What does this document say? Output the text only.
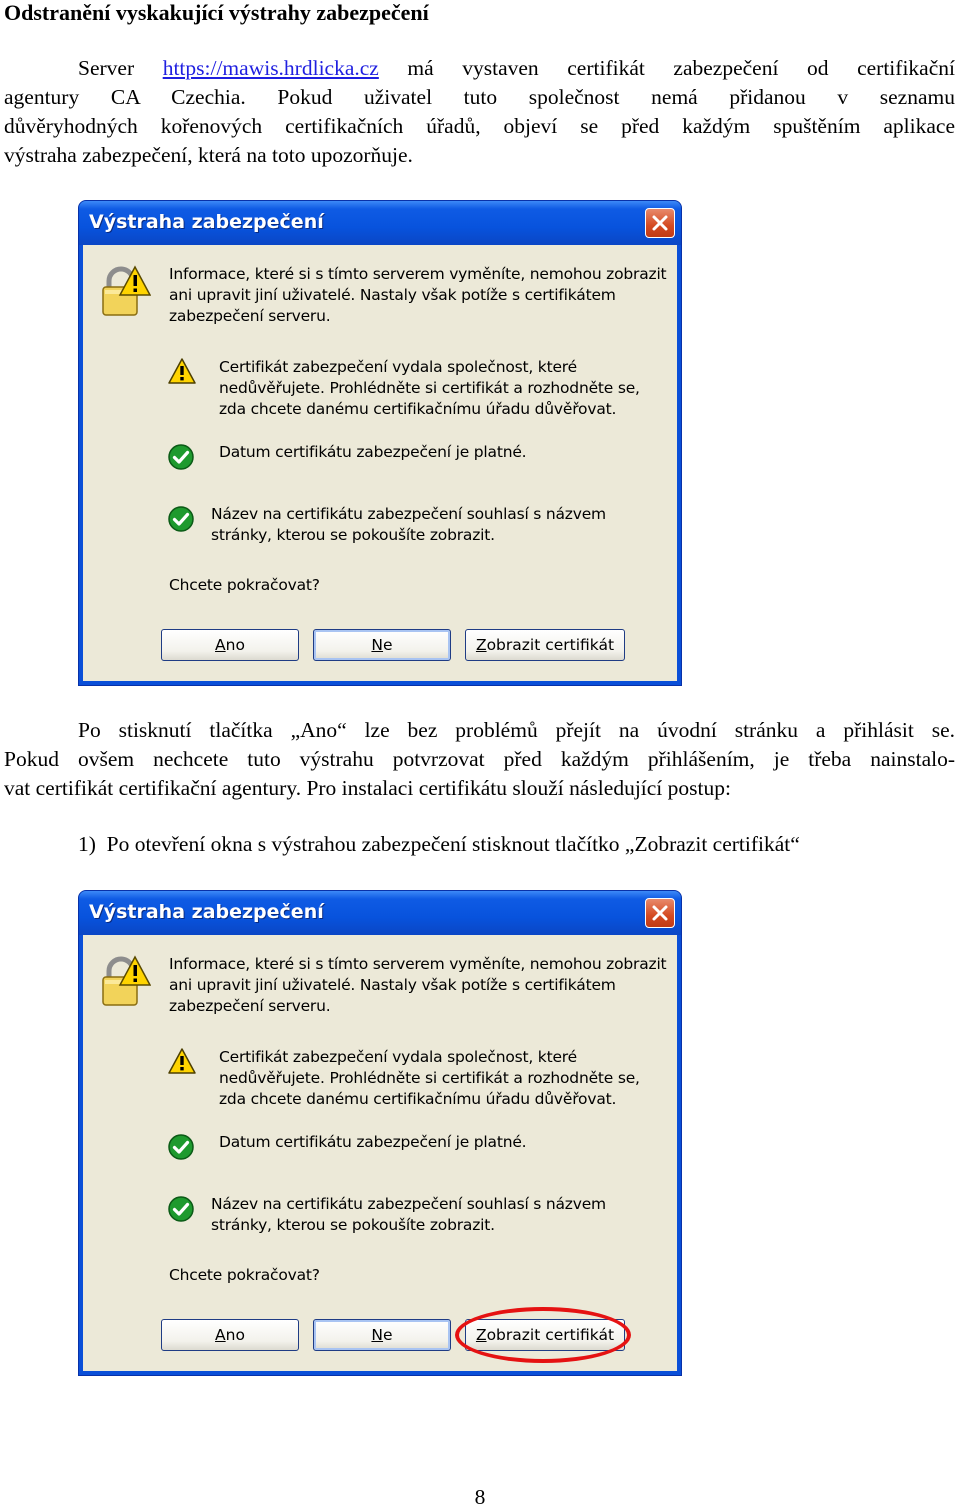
Odstranění vyskakující výstrahy zabezpečení
Server https://mawis.hrdlicka.cz má vystaven certifikát zabezpečení od certifikační
agentury CA Czechia. Pokud uživatel tuto společnost nemá přidanou v seznamu
důvěryhodných kořenových certifikačních úřadů, objeví se před každým spuštěním aplikace
výstraha zabezpečení, která na toto upozorňuje.
Výstraha zabezpečení
Informace, které si s tímto serverem vyměníte, nemohou zobrazit
ani upravit jiní uživatelé. Nastaly však potíže s certifikátem
zabezpečení serveru.
Certifikát zabezpečení vydala společnost, které
nedůvěřujete. Prohlédněte si certifikát a rozhodněte se,
zda chcete danému certifikačnímu úřadu důvěřovat.
Datum certifikátu zabezpečení je platné.
Název na certifikátu zabezpečení souhlasí s názvem
stránky, kterou se pokoušíte zobrazit.
Chcete pokračovat?
Ano	Ne	Zobrazit certifikát
Po stisknutí tlačítka „Ano“ lze bez problémů přejít na úvodní stránku a přihlásit se.
Pokud ovšem nechcete tuto výstrahu potvrzovat před každým přihlášením, je třeba nainstalo-
vat certifikát certifikační agentury. Pro instalaci certifikátu slouží následující postup:
1) Po otevření okna s výstrahou zabezpečení stisknout tlačítko „Zobrazit certifikát“
Výstraha zabezpečení
Informace, které si s tímto serverem vyměníte, nemohou zobrazit
ani upravit jiní uživatelé. Nastaly však potíže s certifikátem
zabezpečení serveru.
Certifikát zabezpečení vydala společnost, které
nedůvěřujete. Prohlédněte si certifikát a rozhodněte se,
zda chcete danému certifikačnímu úřadu důvěřovat.
Datum certifikátu zabezpečení je platné.
Název na certifikátu zabezpečení souhlasí s názvem
stránky, kterou se pokoušíte zobrazit.
Chcete pokračovat?
Ano	Ne	Zobrazit certifikát
8
